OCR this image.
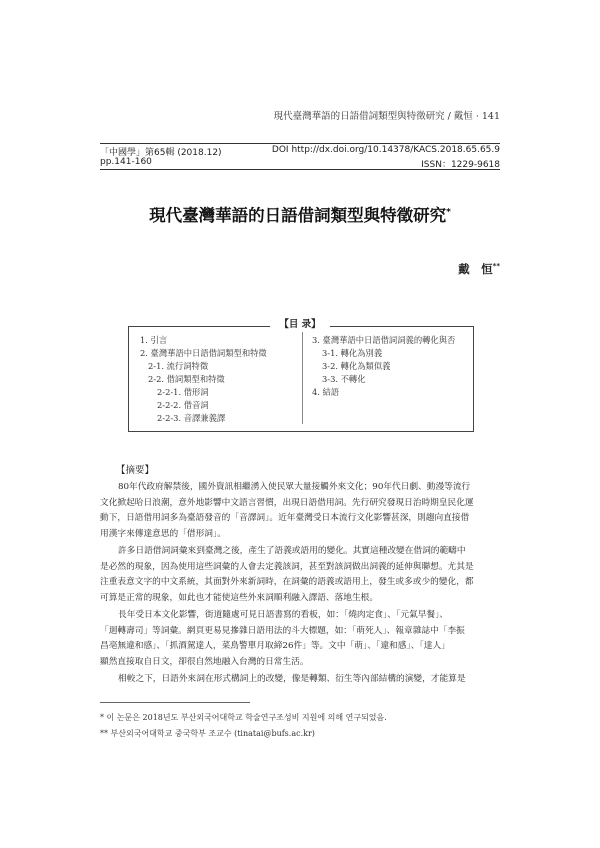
現代臺灣華語的日語借詞類型與特徵研究 / 戴恒 · 141
「中國學」第65輯 (2018.12)	DOI http://dx.doi.org/10.14378/KACS.2018.65.65.9
pp.141-160	ISSN：1229-9618
現代臺灣華語的日語借詞類型與特徵研究*
戴　恒**
【目 录】
1. 引言
2. 臺灣華語中日語借詞類型和特徵
2-1. 流行詞特徵
2-2. 借詞類型和特徵
2-2-1. 借形詞
2-2-2. 借音詞
2-2-3. 音譯兼義譯
3. 臺灣華語中日語借詞詞義的轉化與否
3-1. 轉化為別義
3-2. 轉化為類似義
3-3. 不轉化
4. 結語
【摘要】
80年代政府解禁後，國外資訊相繼湧入使民眾大量接觸外來文化；90年代日劇、動漫等流行
文化掀起哈日浪潮，意外地影響中文語言習慣，出現日語借用詞。先行研究發現日治時期皇民化運
動下，日語借用詞多為臺語發音的「音譯詞」。近年臺灣受日本流行文化影響甚深，則趨向直接借
用漢字來傳達意思的「借形詞」。
許多日語借詞詞彙來到臺灣之後，產生了語義或語用的變化。其實這種改變在借詞的範疇中
是必然的現象，因為使用這些詞彙的人會去定義該詞，甚至對該詞做出詞義的延伸與聯想。尤其是
注重表意文字的中文系統，其面對外來新詞時，在詞彙的語義或語用上，發生或多或少的變化，都
可算是正常的現象，如此也才能使這些外來詞順利融入譯語、落地生根。
長年受日本文化影響，街道隨處可見日語書寫的看板，如：「燒肉定食」、「元氣早餐」、
「迴轉壽司」等詞彙。網頁更易見摻雜日語用法的斗大標題，如：「萌死人」、報章雜誌中「李振
昌亳無違和感」、「抓酒駕達人，菜鳥警單月取締26件」等。文中「萌」、「違和感」、「達人」
顯然直接取自日文，卻很自然地融入台灣的日常生活。
相較之下，日語外來詞在形式構詞上的改變，像是轉類、衍生等內部結構的演變，才能算是
* 이 논문은 2018년도 부산외국어대학교 학술연구조성비 지원에 의해 연구되었음.
** 부산외국어대학교 중국학부 조교수 (tinatai@bufs.ac.kr)
